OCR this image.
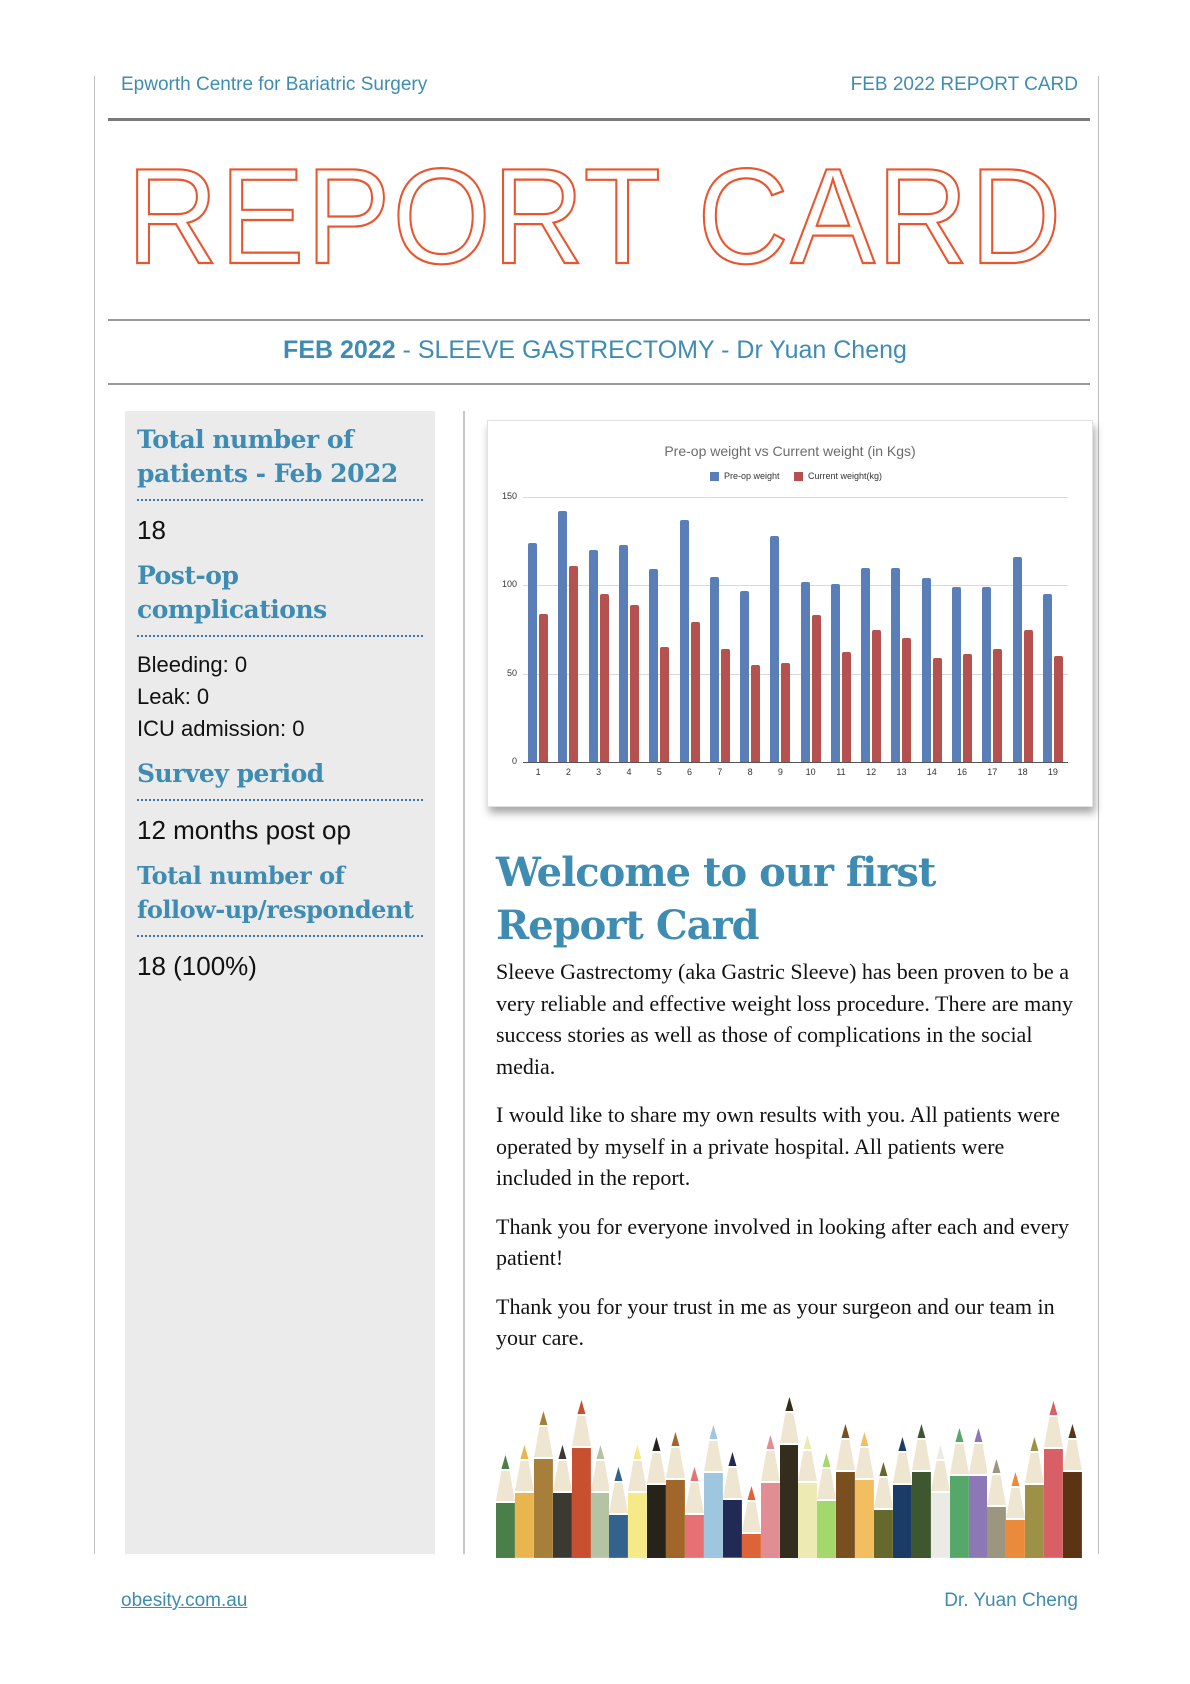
Epworth Centre for Bariatric Surgery	FEB 2022 REPORT CARD
REPORT CARD
FEB 2022 - SLEEVE GASTRECTOMY - Dr Yuan Cheng
Total number of patients - Feb 2022
18
Post-op complications
Bleeding: 0
Leak: 0
ICU admission: 0
Survey period
12 months post op
Total number of follow-up/respondent
18 (100%)
Pre-op weight vs Current weight (in Kgs)
Pre-op weight	Current weight(kg)
0
50
100
150
1	2	3	4	5	6	7	8	9	10	11	12	13	14	16	17	18	19
Welcome to our first Report Card

Sleeve Gastrectomy (aka Gastric Sleeve) has been proven to be a very reliable and effective weight loss procedure. There are many success stories as well as those of complications in the social media.

I would like to share my own results with you. All patients were operated by myself in a private hospital. All patients were included in the report.

Thank you for everyone involved in looking after each and every patient!

Thank you for your trust in me as your surgeon and our team in your care.

obesity.com.au	Dr. Yuan Cheng
